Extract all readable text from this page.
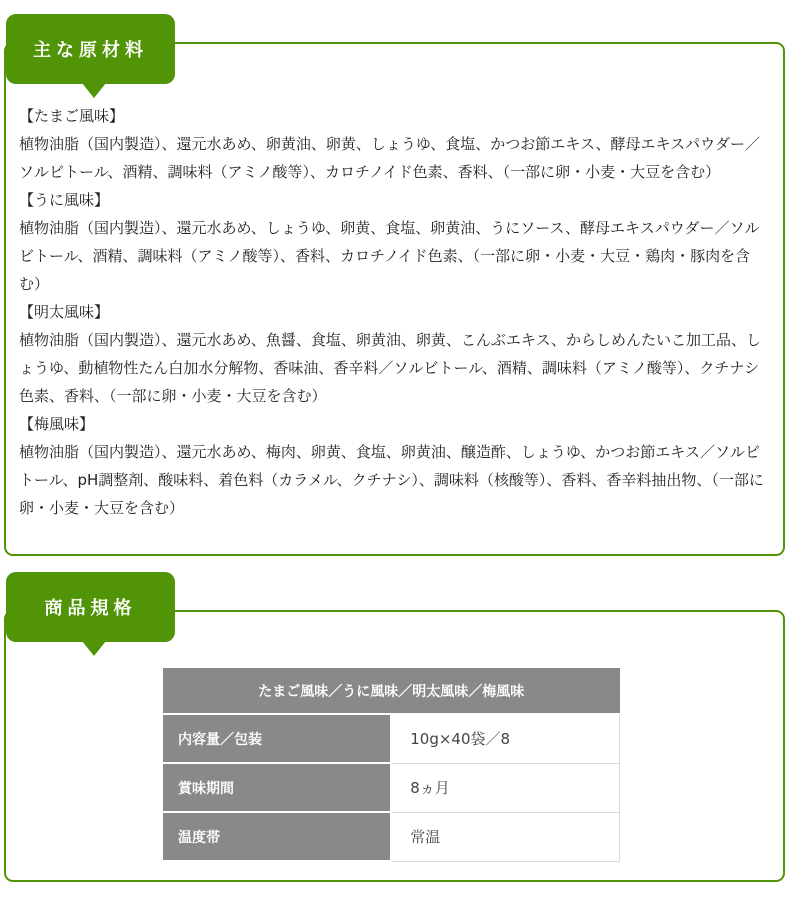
【たまご風味】
植物油脂（国内製造）、還元水あめ、卵黄油、卵黄、しょうゆ、食塩、かつお節エキス、酵母エキスパウダー／ソルビトール、酒精、調味料（アミノ酸等）、カロチノイド色素、香料、（一部に卵・小麦・大豆を含む）
【うに風味】
植物油脂（国内製造）、還元水あめ、しょうゆ、卵黄、食塩、卵黄油、うにソース、酵母エキスパウダー／ソルビトール、酒精、調味料（アミノ酸等）、香料、カロチノイド色素、（一部に卵・小麦・大豆・鶏肉・豚肉を含む）
【明太風味】
植物油脂（国内製造）、還元水あめ、魚醤、食塩、卵黄油、卵黄、こんぶエキス、からしめんたいこ加工品、しょうゆ、動植物性たん白加水分解物、香味油、香辛料／ソルビトール、酒精、調味料（アミノ酸等）、クチナシ色素、香料、（一部に卵・小麦・大豆を含む）
【梅風味】
植物油脂（国内製造）、還元水あめ、梅肉、卵黄、食塩、卵黄油、醸造酢、しょうゆ、かつお節エキス／ソルビトール、pH調整剤、酸味料、着色料（カラメル、クチナシ）、調味料（核酸等）、香料、香辛料抽出物、（一部に卵・小麦・大豆を含む）
主な原材料
商品規格
たまご風味／うに風味／明太風味／梅風味	
内容量／包装	10g×40袋／8
賞味期間	8ヵ月
温度帯	常温
